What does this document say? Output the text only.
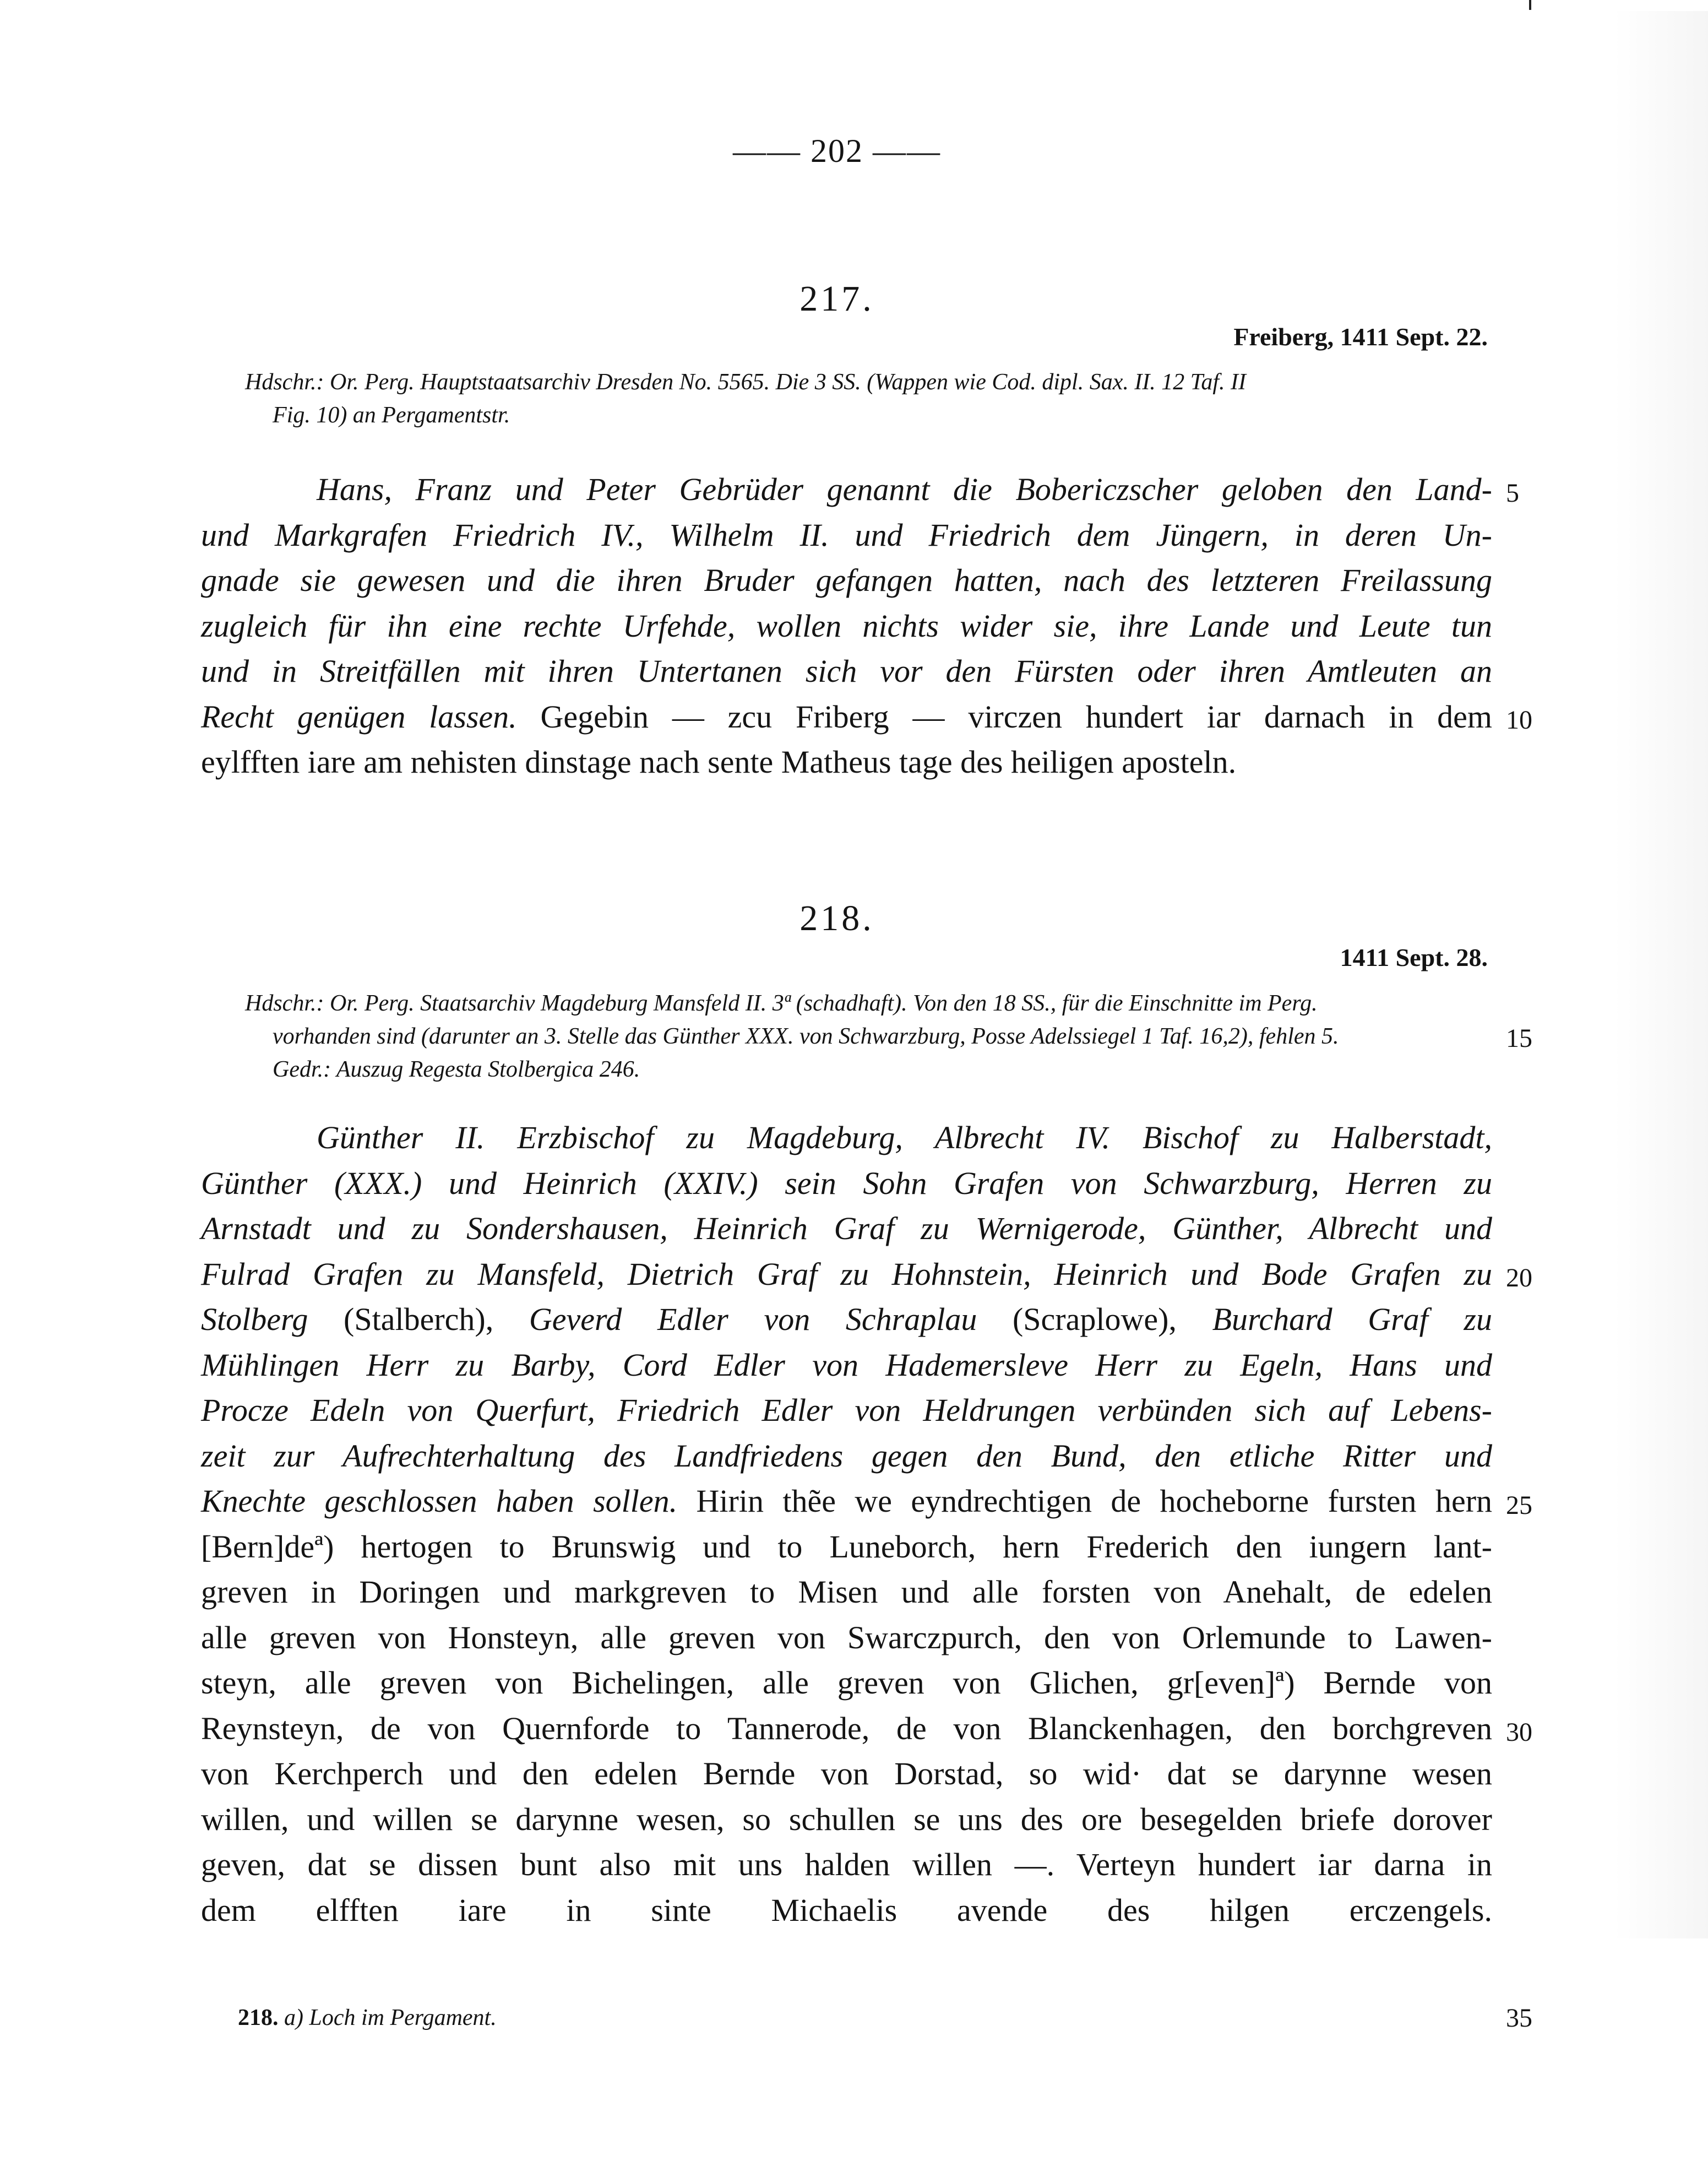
—— 202 ——
217.
Freiberg, 1411 Sept. 22.
Hdschr.: Or. Perg. Hauptstaatsarchiv Dresden No. 5565. Die 3 SS. (Wappen wie Cod. dipl. Sax. II. 12 Taf. II
Fig. 10) an Pergamentstr.
Hans, Franz und Peter Gebrüder genannt die Bobericzscher geloben den Land-
und Markgrafen Friedrich IV., Wilhelm II. und Friedrich dem Jüngern, in deren Un-
gnade sie gewesen und die ihren Bruder gefangen hatten, nach des letzteren Freilassung
zugleich für ihn eine rechte Urfehde, wollen nichts wider sie, ihre Lande und Leute tun
und in Streitfällen mit ihren Untertanen sich vor den Fürsten oder ihren Amtleuten an
Recht genügen lassen. Gegebin — zcu Friberg — virczen hundert iar darnach in dem
eylfften iare am nehisten dinstage nach sente Matheus tage des heiligen aposteln.
218.
1411 Sept. 28.
Hdschr.: Or. Perg. Staatsarchiv Magdeburg Mansfeld II. 3ª (schadhaft). Von den 18 SS., für die Einschnitte im Perg.
vorhanden sind (darunter an 3. Stelle das Günther XXX. von Schwarzburg, Posse Adelssiegel 1 Taf. 16,2), fehlen 5.
Gedr.: Auszug Regesta Stolbergica 246.
Günther II. Erzbischof zu Magdeburg, Albrecht IV. Bischof zu Halberstadt,
Günther (XXX.) und Heinrich (XXIV.) sein Sohn Grafen von Schwarzburg, Herren zu
Arnstadt und zu Sondershausen, Heinrich Graf zu Wernigerode, Günther, Albrecht und
Fulrad Grafen zu Mansfeld, Dietrich Graf zu Hohnstein, Heinrich und Bode Grafen zu
Stolberg (Stalberch), Geverd Edler von Schraplau (Scraplowe), Burchard Graf zu
Mühlingen Herr zu Barby, Cord Edler von Hademersleve Herr zu Egeln, Hans und
Procze Edeln von Querfurt, Friedrich Edler von Heldrungen verbünden sich auf Lebens-
zeit zur Aufrechterhaltung des Landfriedens gegen den Bund, den etliche Ritter und
Knechte geschlossen haben sollen. Hirin thẽe we eyndrechtigen de hocheborne fursten hern
[Bern]deª) hertogen to Brunswig und to Luneborch, hern Frederich den iungern lant-
greven in Doringen und markgreven to Misen und alle forsten von Anehalt, de edelen
alle greven von Honsteyn, alle greven von Swarczpurch, den von Orlemunde to Lawen-
steyn, alle greven von Bichelingen, alle greven von Glichen, gr[even]ª) Bernde von
Reynsteyn, de von Quernforde to Tannerode, de von Blanckenhagen, den borchgreven
von Kerchperch und den edelen Bernde von Dorstad, so wid· dat se darynne wesen
willen, und willen se darynne wesen, so schullen se uns des ore besegelden briefe dorover
geven, dat se dissen bunt also mit uns halden willen —. Verteyn hundert iar darna in
dem elfften iare in sinte Michaelis avende des hilgen erczengels.
5
10
15
20
25
30
35
218. a) Loch im Pergament.
